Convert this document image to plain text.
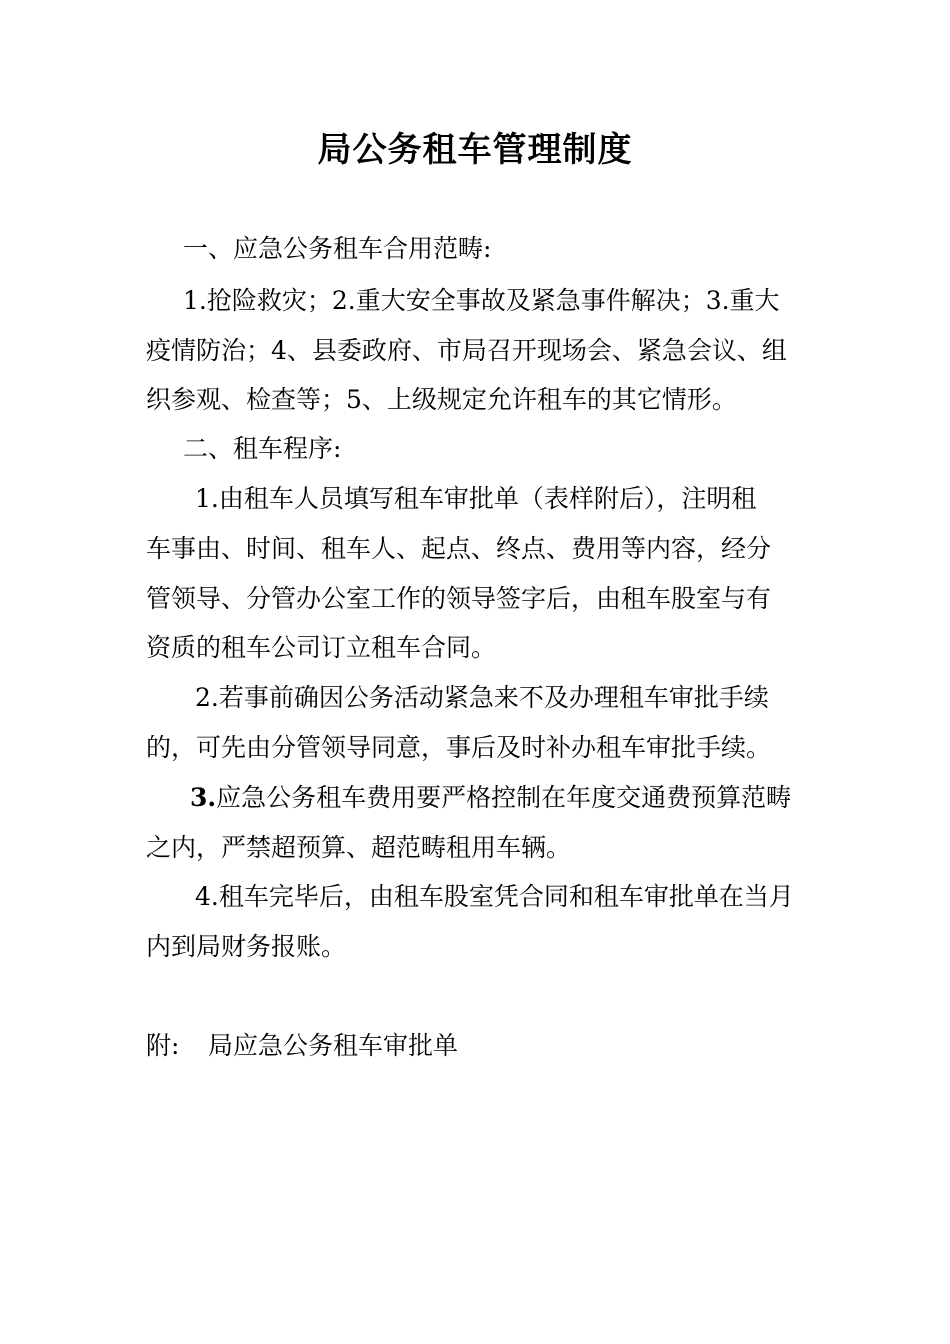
局公务租车管理制度
一、应急公务租车合用范畴:
1.抢险救灾；2.重大安全事故及紧急事件解决；3.重大
疫情防治；4、县委政府、市局召开现场会、紧急会议、组
织参观、检查等；5、上级规定允许租车的其它情形。
二、租车程序:
1.由租车人员填写租车审批单（表样附后），注明租
车事由、时间、租车人、起点、终点、费用等内容，经分
管领导、分管办公室工作的领导签字后，由租车股室与有
资质的租车公司订立租车合同。
2.若事前确因公务活动紧急来不及办理租车审批手续
的，可先由分管领导同意，事后及时补办租车审批手续。
3.应急公务租车费用要严格控制在年度交通费预算范畴
之内，严禁超预算、超范畴租用车辆。
4.租车完毕后，由租车股室凭合同和租车审批单在当月
内到局财务报账。
附: 局应急公务租车审批单
